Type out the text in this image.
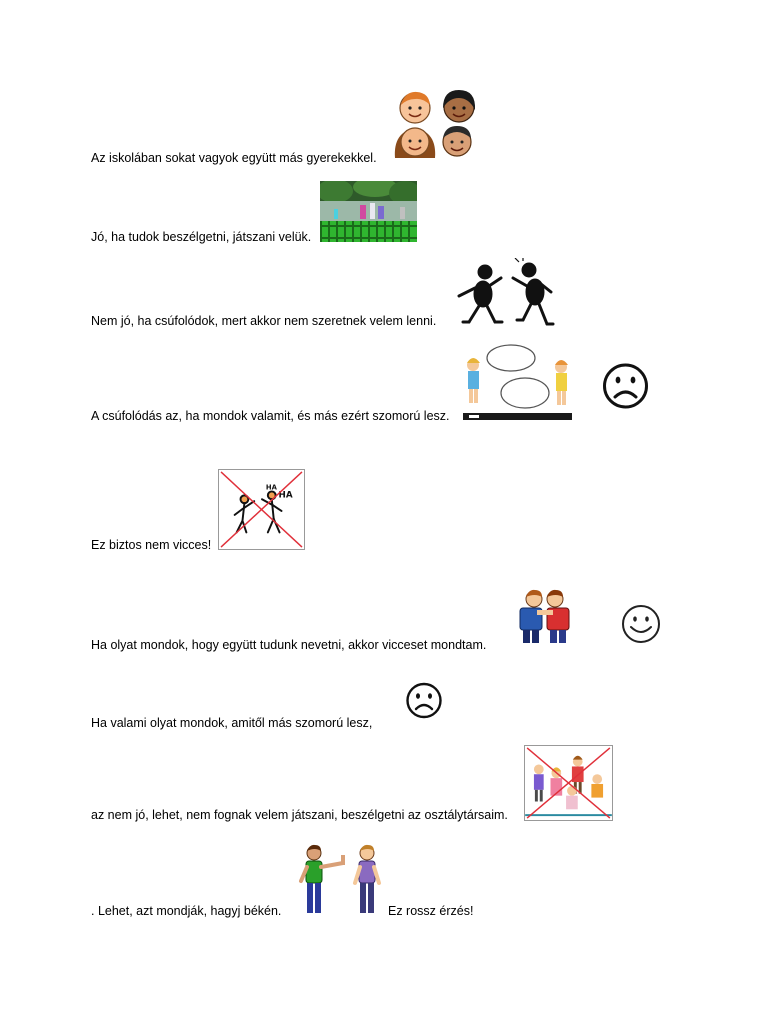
Az iskolában sokat vagyok együtt más gyerekekkel.
Jó, ha tudok beszélgetni, játszani velük.
Nem jó, ha csúfolódok, mert akkor nem szeretnek velem lenni.
A csúfolódás az, ha mondok valamit, és más ezért szomorú lesz.
Ez biztos nem vicces!
HA
HA
Ha olyat mondok, hogy együtt tudunk nevetni, akkor vicceset mondtam.
Ha valami olyat mondok, amitől más szomorú lesz,
az nem jó, lehet, nem fognak velem játszani, beszélgetni az osztálytársaim.
. Lehet, azt mondják, hagyj békén.	Ez rossz érzés!
